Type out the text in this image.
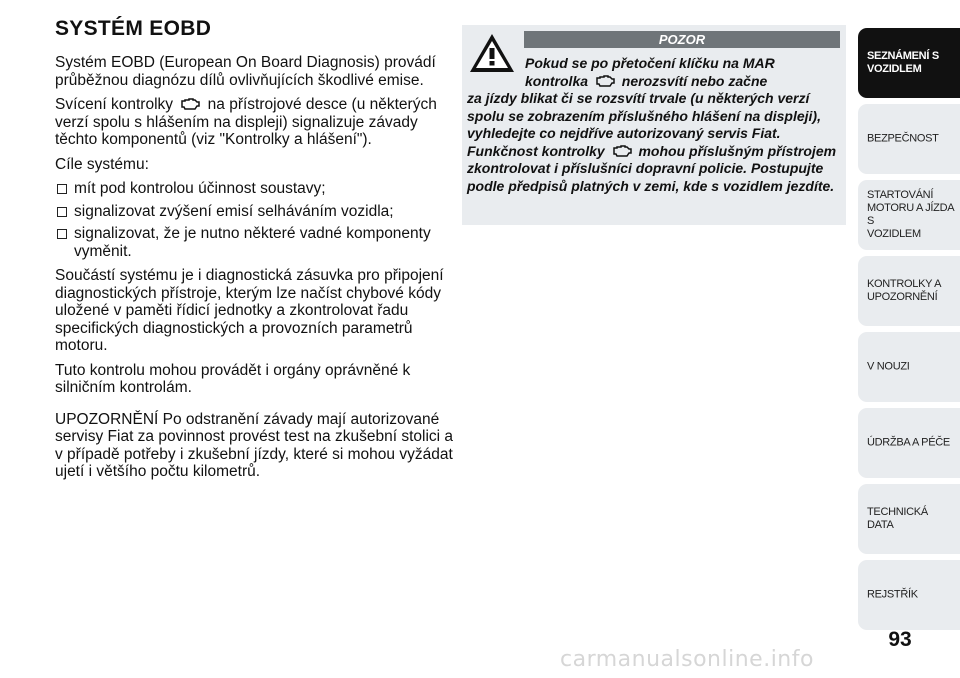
SYSTÉM EOBD

Systém EOBD (European On Board Diagnosis) provádí průběžnou diagnózu dílů ovlivňujících škodlivé emise.

Svícení kontrolky na přístrojové desce (u některých verzí spolu s hlášením na displeji) signalizuje závady těchto komponentů (viz "Kontrolky a hlášení").

Cíle systému:

mít pod kontrolou účinnost soustavy;
signalizovat zvýšení emisí selháváním vozidla;
signalizovat, že je nutno některé vadné komponenty vyměnit.

Součástí systému je i diagnostická zásuvka pro připojení diagnostických přístroje, kterým lze načíst chybové kódy uložené v paměti řídicí jednotky a zkontrolovat řadu specifických diagnostických a provozních parametrů motoru.

Tuto kontrolu mohou provádět i orgány oprávněné k silničním kontrolám.

UPOZORNĚNÍ Po odstranění závady mají autorizované servisy Fiat za povinnost provést test na zkušební stolici a v případě potřeby i zkušební jízdy, které si mohou vyžádat ujetí i většího počtu kilometrů.

POZOR
Pokud se po přetočení klíčku na MAR
kontrolka nerozsvítí nebo začne
za jízdy blikat či se rozsvítí trvale (u některých verzí spolu se zobrazením příslušného hlášení na displeji), vyhledejte co nejdříve autorizovaný servis Fiat. Funkčnost kontrolky mohou příslušným přístrojem zkontrolovat i příslušníci dopravní policie. Postupujte podle předpisů platných v zemi, kde s vozidlem jezdíte.
SEZNÁMENÍ S
VOZIDLEM
BEZPEČNOST
STARTOVÁNÍ
MOTORU A JÍZDA S
VOZIDLEM
KONTROLKY A
UPOZORNĚNÍ
V NOUZI
ÚDRŽBA A PÉČE
TECHNICKÁ DATA
REJSTŘÍK
93
carmanualsonline.info
